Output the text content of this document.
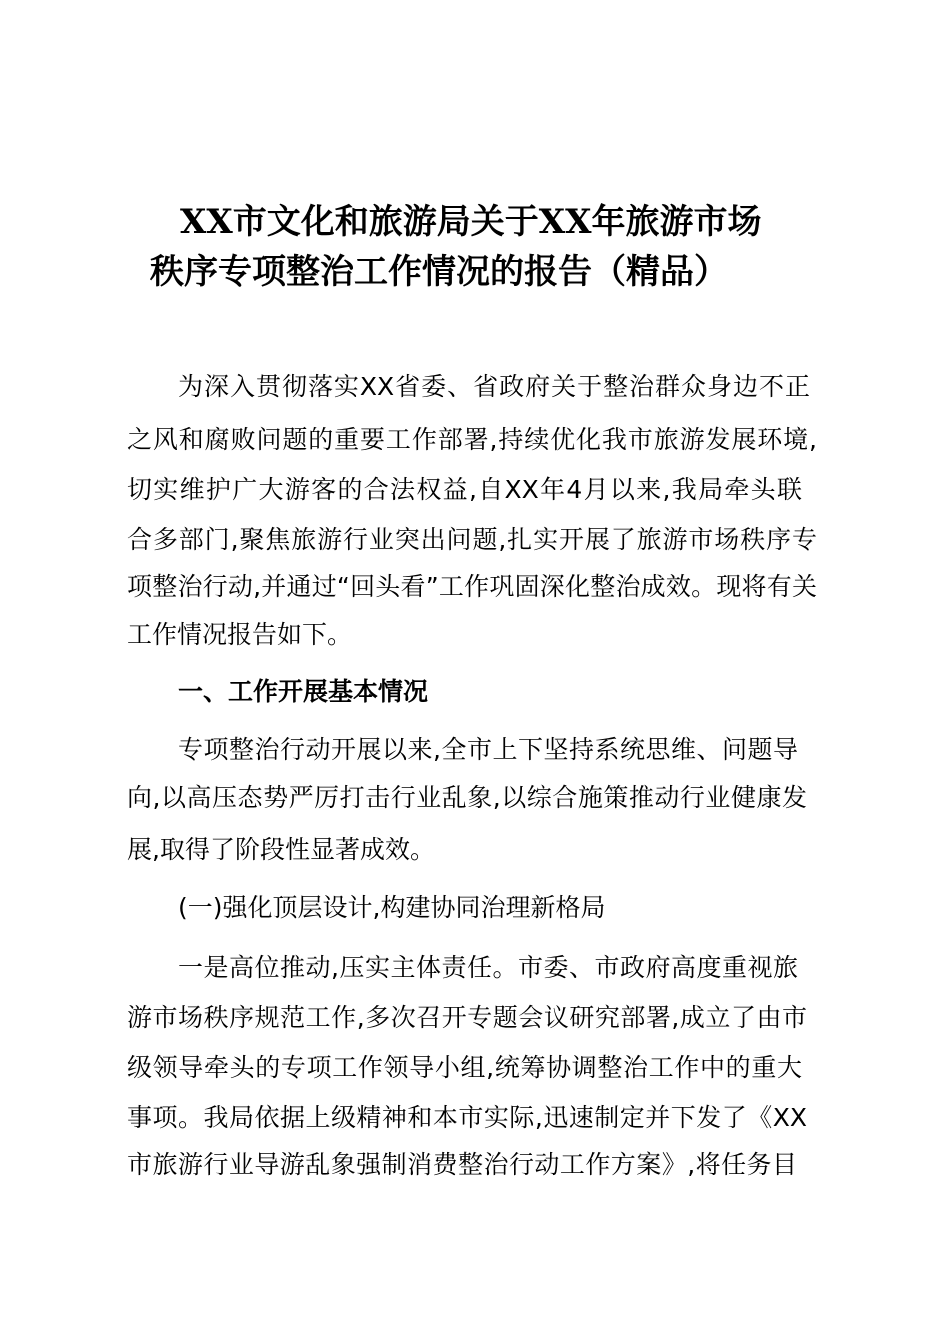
XX市文化和旅游局关于XX年旅游市场
秩序专项整治工作情况的报告（精品）
为深入贯彻落实XX省委、省政府关于整治群众身边不正
之风和腐败问题的重要工作部署,持续优化我市旅游发展环境,
切实维护广大游客的合法权益,自XX年4月以来,我局牵头联
合多部门,聚焦旅游行业突出问题,扎实开展了旅游市场秩序专
项整治行动,并通过“回头看”工作巩固深化整治成效。现将有关
工作情况报告如下。
一、工作开展基本情况
专项整治行动开展以来,全市上下坚持系统思维、问题导
向,以高压态势严厉打击行业乱象,以综合施策推动行业健康发
展,取得了阶段性显著成效。
(一)强化顶层设计,构建协同治理新格局
一是高位推动,压实主体责任。市委、市政府高度重视旅
游市场秩序规范工作,多次召开专题会议研究部署,成立了由市
级领导牵头的专项工作领导小组,统筹协调整治工作中的重大
事项。我局依据上级精神和本市实际,迅速制定并下发了《XX
市旅游行业导游乱象强制消费整治行动工作方案》,将任务目
